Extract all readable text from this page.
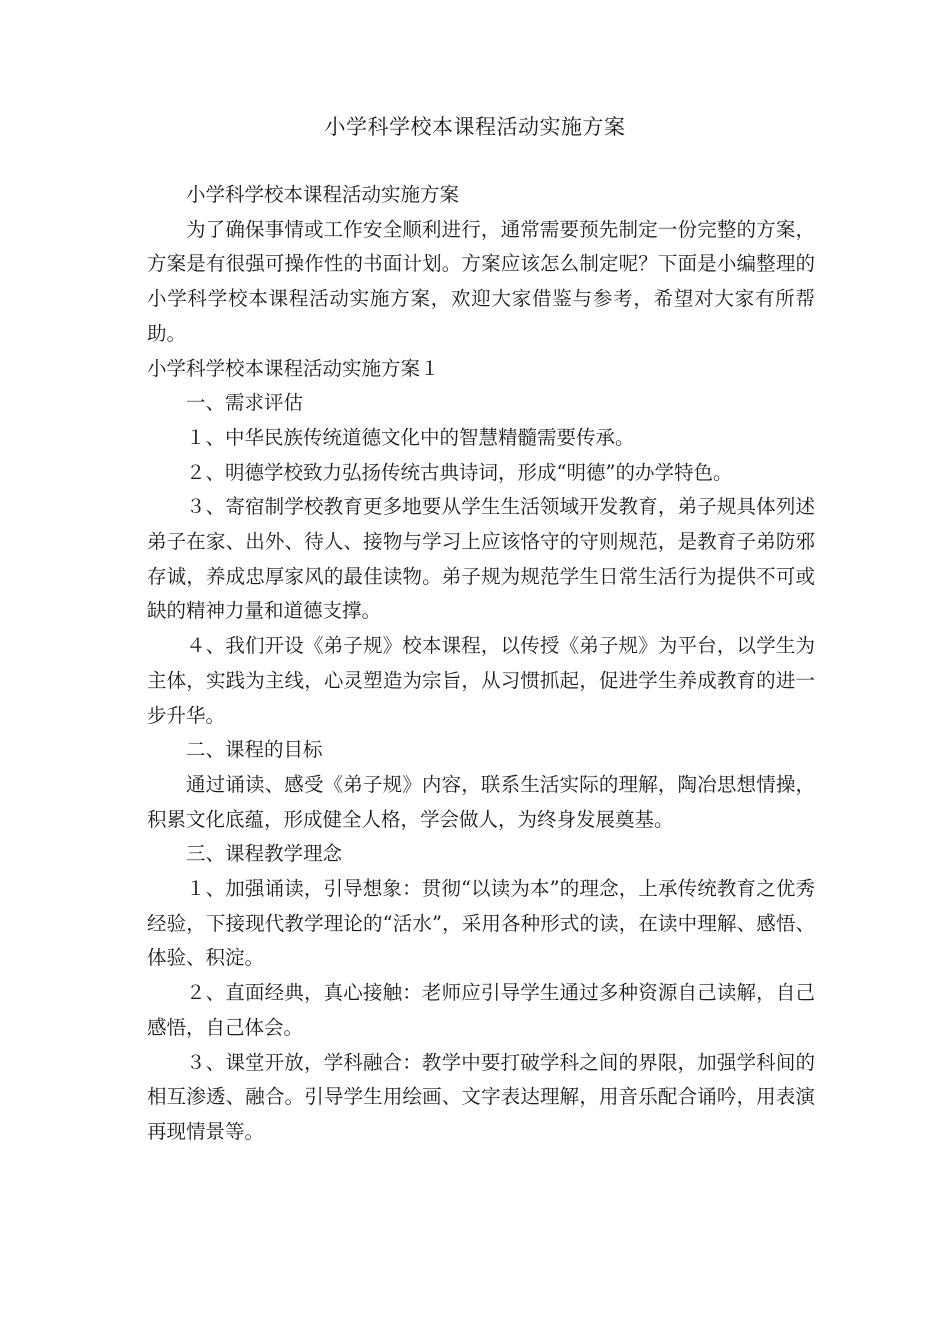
小学科学校本课程活动实施方案

小学科学校本课程活动实施方案

为了确保事情或工作安全顺利进行，通常需要预先制定一份完整的方案，方案是有很强可操作性的书面计划。方案应该怎么制定呢？下面是小编整理的小学科学校本课程活动实施方案，欢迎大家借鉴与参考，希望对大家有所帮助。

小学科学校本课程活动实施方案１

一、需求评估

１、中华民族传统道德文化中的智慧精髓需要传承。

２、明德学校致力弘扬传统古典诗词，形成“明德”的办学特色。

３、寄宿制学校教育更多地要从学生生活领域开发教育，弟子规具体列述弟子在家、出外、待人、接物与学习上应该恪守的守则规范，是教育子弟防邪存诚，养成忠厚家风的最佳读物。弟子规为规范学生日常生活行为提供不可或缺的精神力量和道德支撑。

４、我们开设《弟子规》校本课程，以传授《弟子规》为平台，以学生为主体，实践为主线，心灵塑造为宗旨，从习惯抓起，促进学生养成教育的进一步升华。

二、课程的目标

通过诵读、感受《弟子规》内容，联系生活实际的理解，陶冶思想情操，积累文化底蕴，形成健全人格，学会做人，为终身发展奠基。

三、课程教学理念

１、加强诵读，引导想象：贯彻“以读为本”的理念，上承传统教育之优秀经验，下接现代教学理论的“活水”，采用各种形式的读，在读中理解、感悟、体验、积淀。

２、直面经典，真心接触：老师应引导学生通过多种资源自己读解，自己感悟，自己体会。

３、课堂开放，学科融合：教学中要打破学科之间的界限，加强学科间的相互渗透、融合。引导学生用绘画、文字表达理解，用音乐配合诵吟，用表演再现情景等。
